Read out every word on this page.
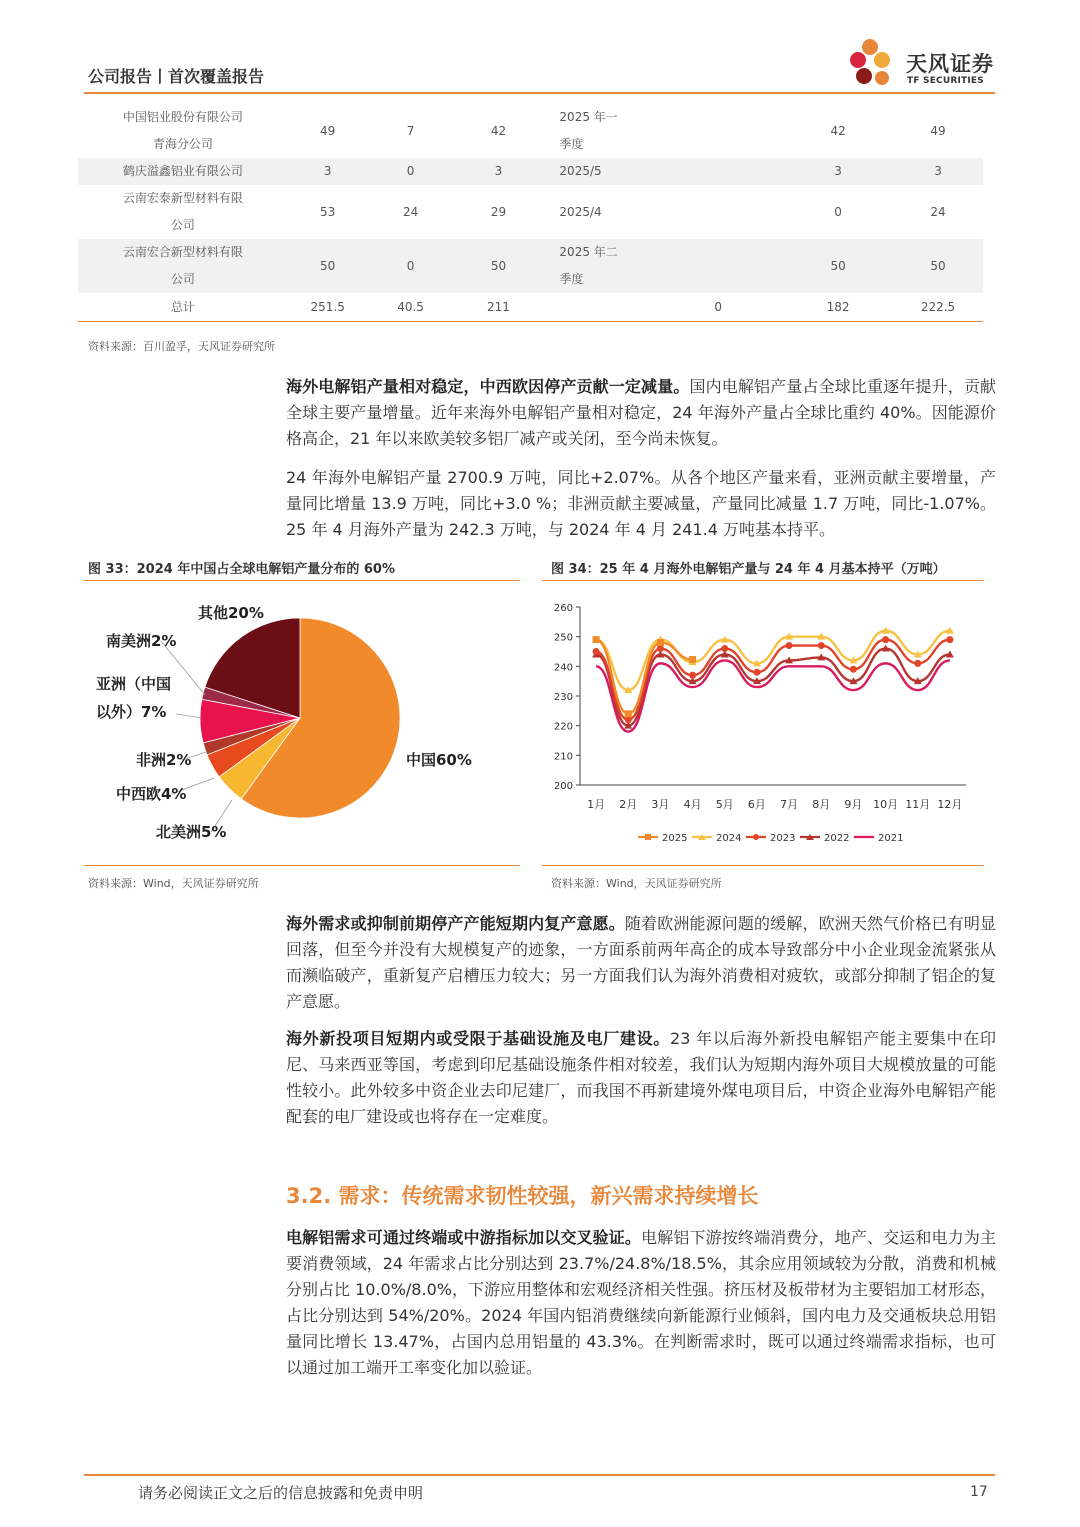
公司报告丨首次覆盖报告
天风证券
TF SECURITIES
中国铝业股份有限公司
青海分公司	49	7	42	2025 年一
季度		42	49
鹤庆溢鑫铝业有限公司	3	0	3	2025/5		3	3
云南宏泰新型材料有限
公司	53	24	29	2025/4		0	24
云南宏合新型材料有限
公司	50	0	50	2025 年二
季度		50	50
总计	251.5	40.5	211		0	182	222.5
资料来源：百川盈孚，天风证券研究所
海外电解铝产量相对稳定，中西欧因停产贡献一定减量。国内电解铝产量占全球比重逐年提升，贡献全球主要产量增量。近年来海外电解铝产量相对稳定，24 年海外产量占全球比重约 40%。因能源价格高企，21 年以来欧美较多铝厂减产或关闭，至今尚未恢复。
24 年海外电解铝产量 2700.9 万吨，同比+2.07%。从各个地区产量来看，亚洲贡献主要增量，产量同比增量 13.9 万吨，同比+3.0 %；非洲贡献主要减量，产量同比减量 1.7 万吨，同比-1.07%。25 年 4 月海外产量为 242.3 万吨，与 2024 年 4 月 241.4 万吨基本持平。
图 33：2024 年中国占全球电解铝产量分布的 60%
资料来源：Wind，天风证券研究所
中国60%
北美洲5%
中西欧4%
非洲2%
亚洲（中国
以外）7%
南美洲2%
其他20%
图 34：25 年 4 月海外电解铝产量与 24 年 4 月基本持平（万吨）
资料来源：Wind，天风证券研究所
200
210
220
230
240
250
260
1月 2月 3月 4月 5月 6月 7月 8月 9月 10月 11月 12月
2025	2024	2023	2022	2021
海外需求或抑制前期停产产能短期内复产意愿。随着欧洲能源问题的缓解，欧洲天然气价格已有明显回落，但至今并没有大规模复产的迹象，一方面系前两年高企的成本导致部分中小企业现金流紧张从而濒临破产，重新复产启槽压力较大；另一方面我们认为海外消费相对疲软，或部分抑制了铝企的复产意愿。
海外新投项目短期内或受限于基础设施及电厂建设。23 年以后海外新投电解铝产能主要集中在印尼、马来西亚等国，考虑到印尼基础设施条件相对较差，我们认为短期内海外项目大规模放量的可能性较小。此外较多中资企业去印尼建厂，而我国不再新建境外煤电项目后，中资企业海外电解铝产能配套的电厂建设或也将存在一定难度。
3.2. 需求：传统需求韧性较强，新兴需求持续增长
电解铝需求可通过终端或中游指标加以交叉验证。电解铝下游按终端消费分，地产、交运和电力为主要消费领域，24 年需求占比分别达到 23.7%/24.8%/18.5%，其余应用领域较为分散，消费和机械分别占比 10.0%/8.0%，下游应用整体和宏观经济相关性强。挤压材及板带材为主要铝加工材形态，占比分别达到 54%/20%。2024 年国内铝消费继续向新能源行业倾斜，国内电力及交通板块总用铝量同比增长 13.47%，占国内总用铝量的 43.3%。在判断需求时，既可以通过终端需求指标，也可以通过加工端开工率变化加以验证。
请务必阅读正文之后的信息披露和免责申明	17
